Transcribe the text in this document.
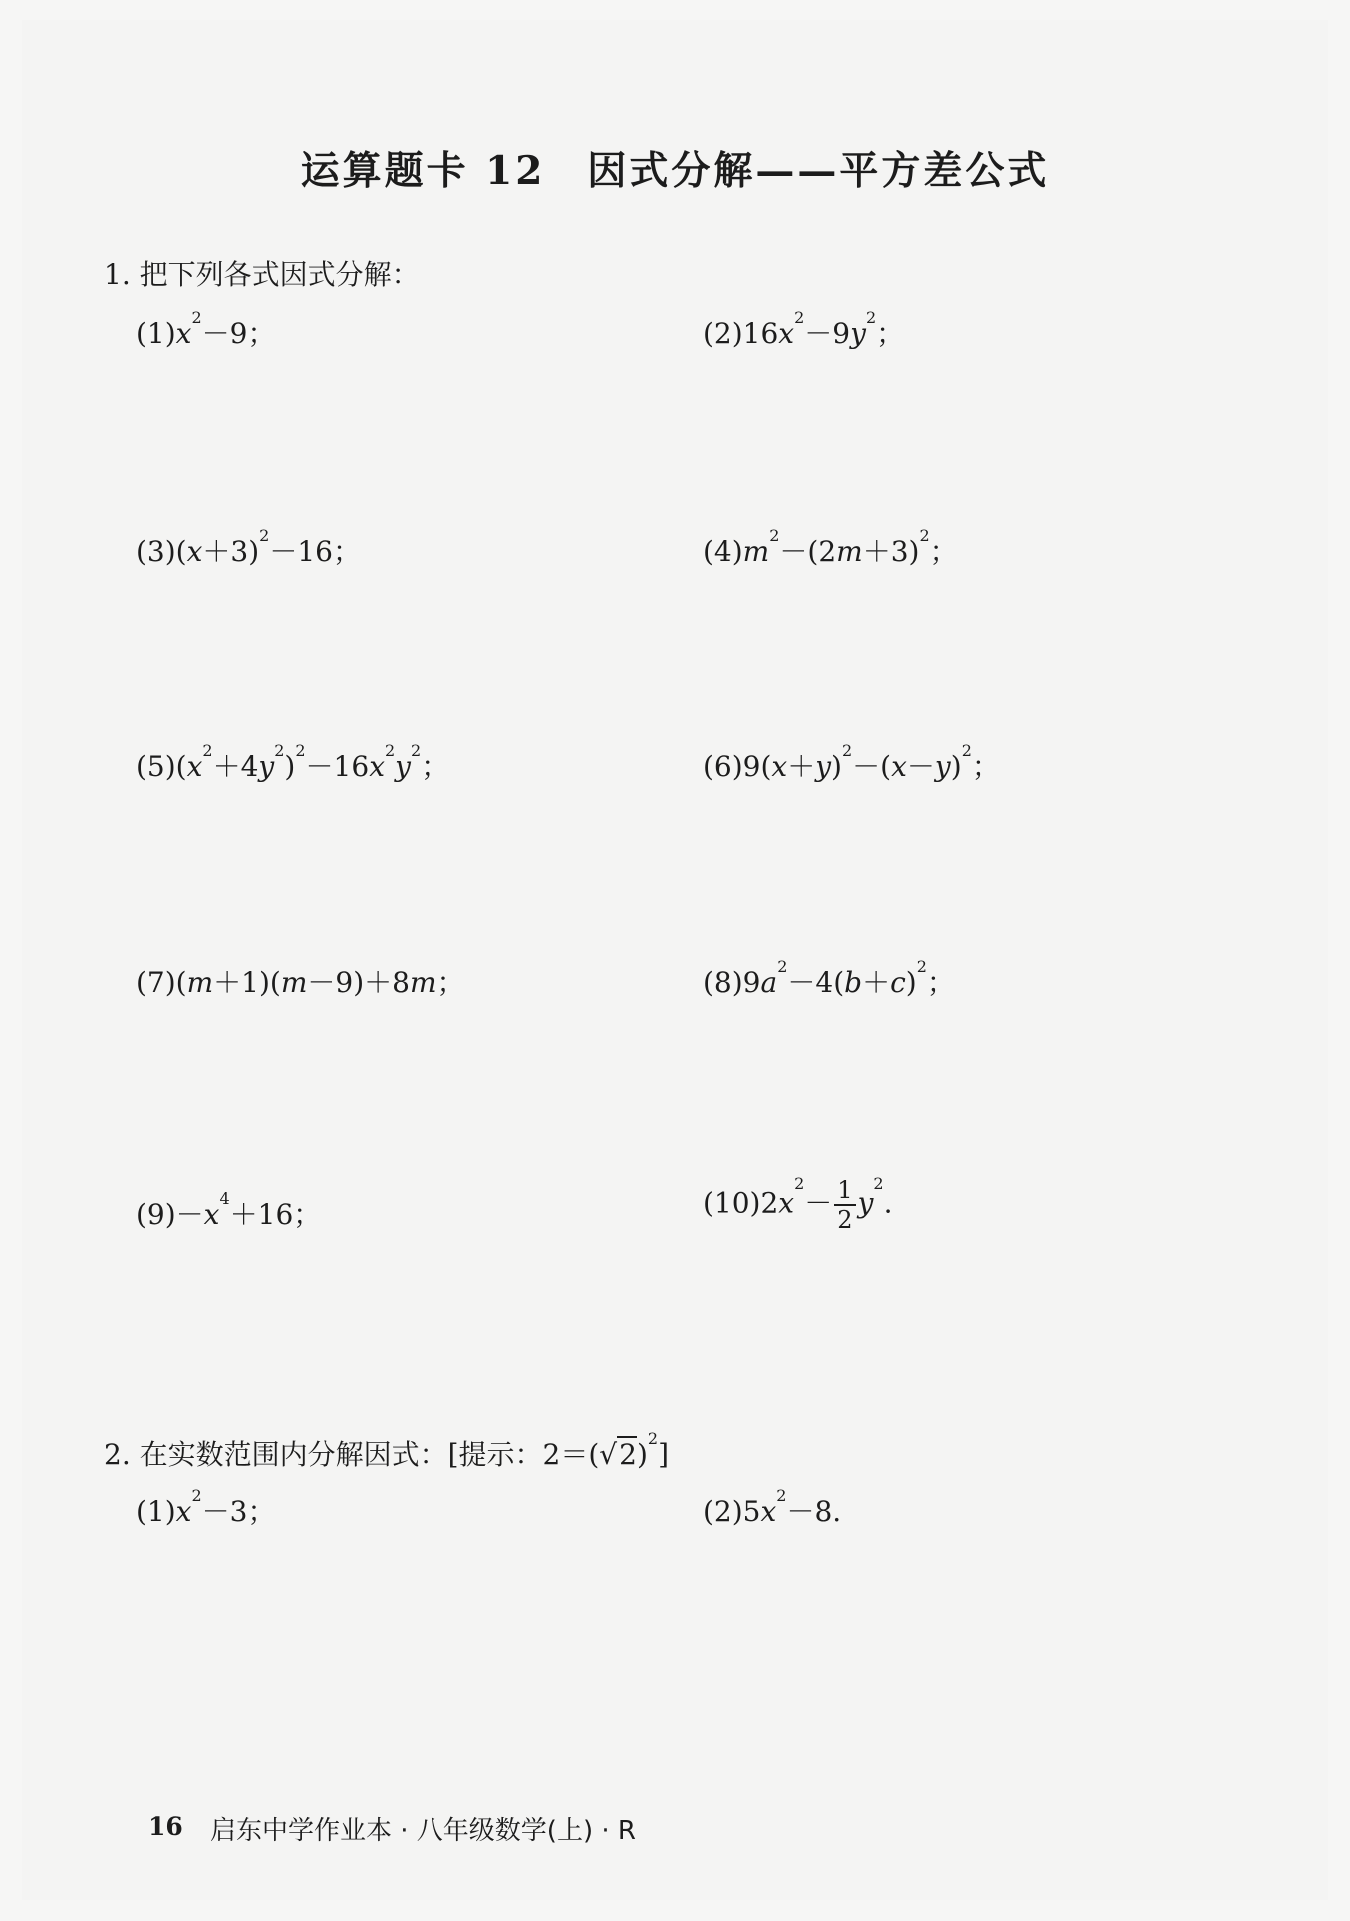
运算题卡 12　因式分解——平方差公式
1. 把下列各式因式分解：
$(1)x^2-9$；	$(2)16x^2-9y^2$；
$(3)(x+3)^2-16$；	$(4)m^2-(2m+3)^2$；
$(5)(x^2+4y^2)^2-16x^2y^2$；	$(6)9(x+y)^2-(x-y)^2$；
(7)(m＋1)(m－9)＋8m；	$(8)9a^2-4(b+c)^2$；
$(9)-x^4+16$；	$(10)2x^2- \frac{1}{2} y^2$.
2. 在实数范围内分解因式：[提示：$2=(√2)^2$]
$(1)x^2-3$；	$(2)5x^2-8$.
16 启东中学作业本 · 八年级数学(上) · R
